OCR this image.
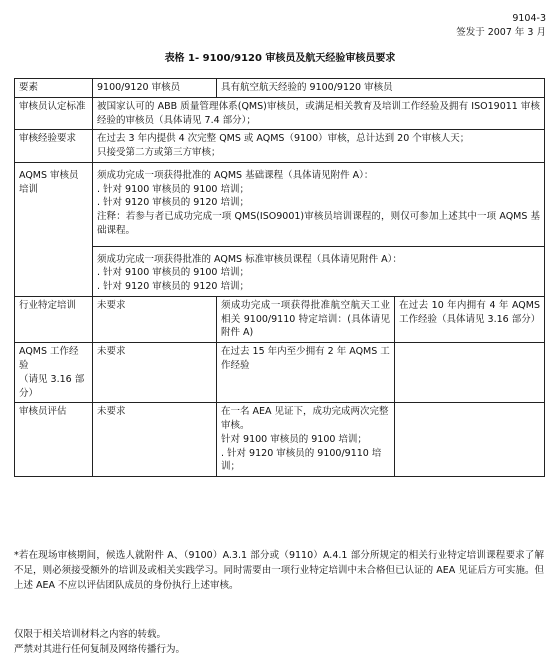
9104-3
签发于 2007 年 3 月
表格 1- 9100/9120 审核员及航天经验审核员要求
要素	9100/9120 审核员	具有航空航天经验的 9100/9120 审核员	
审核员认定标准	被国家认可的 ABB 质量管理体系(QMS)审核员，或满足相关教育及培训工作经验及拥有 ISO19011 审核经验的审核员（具体请见 7.4 部分）；		
审核经验要求	在过去 3 年内提供 4 次完整 QMS 或 AQMS（9100）审核，总计达到 20 个审核人天；
只接受第二方或第三方审核；		

AQMS 审核员培训	须成功完成一项获得批准的 AQMS 基础课程（具体请见附件 A）：
. 针对 9100 审核员的 9100 培训；
. 针对 9120 审核员的 9120 培训；
注释：若参与者已成功完成一项 QMS(ISO9001)审核员培训课程的，则仅可参加上述其中一项 AQMS 基础课程。		

	须成功完成一项获得批准的 AQMS 标准审核员课程（具体请见附件 A）：
. 针对 9100 审核员的 9100 培训；
. 针对 9120 审核员的 9120 培训；		

行业特定培训	未要求	须成功完成一项获得批准航空航天工业相关 9100/9110 特定培训：(具体请见附件 A)	在过去 10 年内拥有 4 年 AQMS 工作经验（具体请见 3.16 部分）

AQMS 工作经验
（请见 3.16 部分）	未要求	在过去 15 年内至少拥有 2 年 AQMS 工作经验	
审核员评估	未要求	在一名 AEA 见证下，成功完成两次完整审核。
针对 9100 审核员的 9100 培训；
. 针对 9120 审核员的 9100/9110 培训；	

*若在现场审核期间，候选人就附件 A、（9100）A.3.1 部分或（9110）A.4.1 部分所规定的相关行业特定培训课程要求了解不足，则必须接受额外的培训及或相关实践学习。同时需要由一项行业特定培训中未合格但已认证的 AEA 见证后方可实施。但上述 AEA 不应以评估团队成员的身份执行上述审核。
仅限于相关培训材料之内容的转载。
严禁对其进行任何复制及网络传播行为。
